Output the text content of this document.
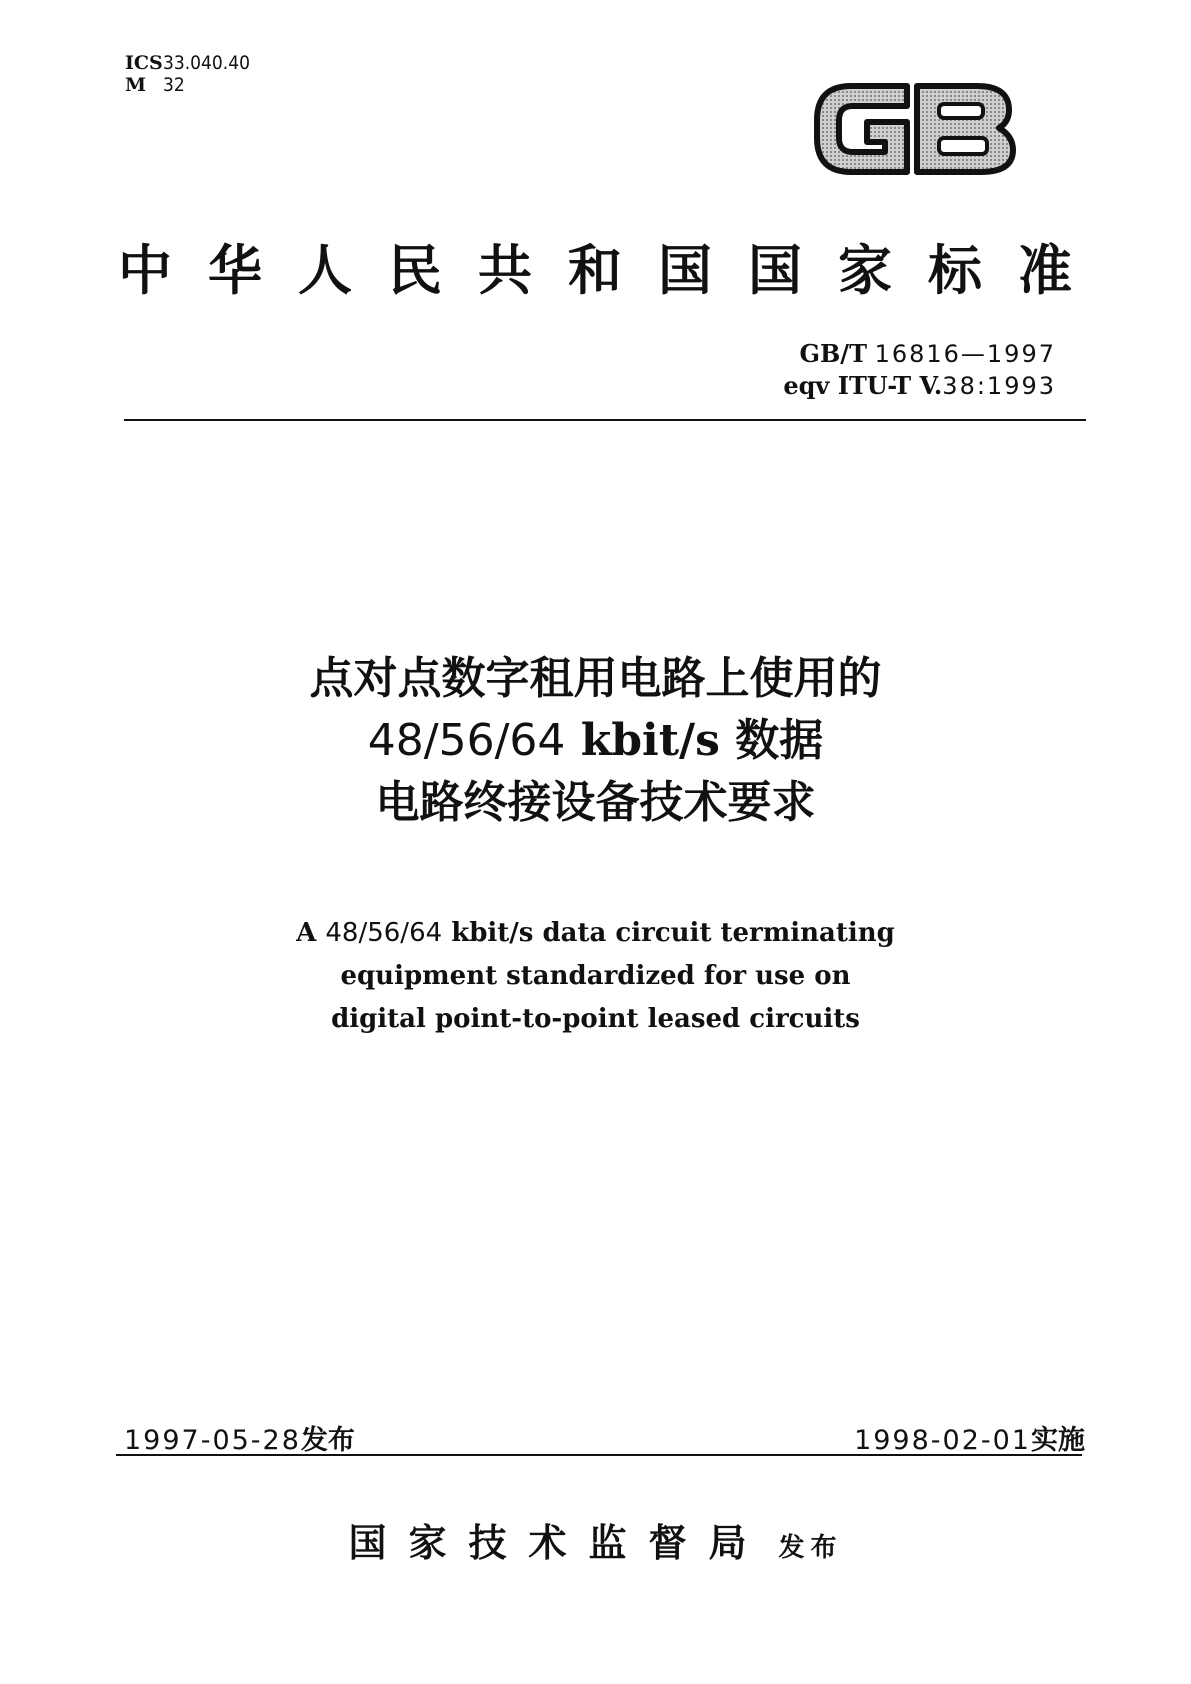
ICS33.040.40
M 32
中华人民共和国国家标准
GB/T 16816—1997
eqv ITU-T V.38:1993
点对点数字租用电路上使用的
48/56/64 kbit/s 数据
电路终接设备技术要求
A 48/56/64 kbit/s data circuit terminating
equipment standardized for use on
digital point-to-point leased circuits
1997-05-28发布	1998-02-01实施
国家技术监督局 发布
